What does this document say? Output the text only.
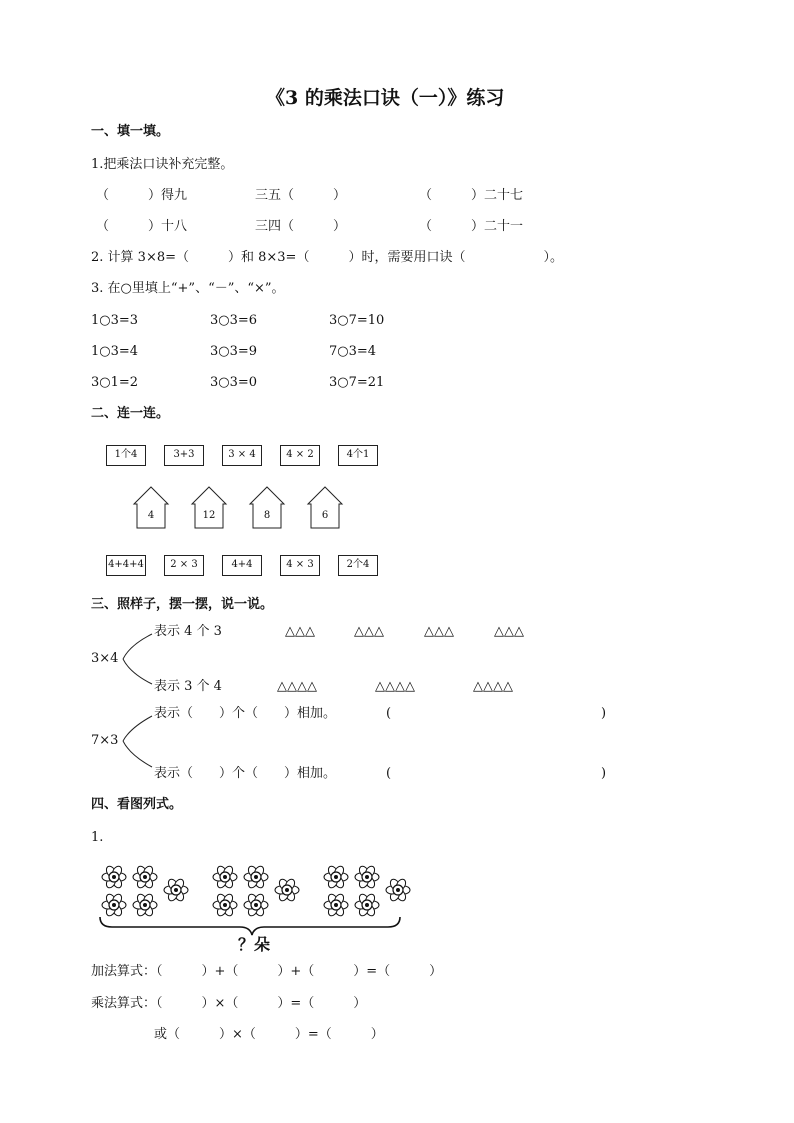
《3 的乘法口诀（一）》练习
一、填一填。
1.把乘法口诀补充完整。
（　　　）得九	三五（　　　）	（　　　）二十七
（　　　）十八	三四（　　　）	（　　　）二十一
2. 计算 3×8=（　　　）和 8×3=（　　　）时，需要用口诀（　　　　　　）。
3. 在○里填上“+”、“－”、“×”。
1○3=3	3○3=6	3○7=10
1○3=4	3○3=9	7○3=4
3○1=2	3○3=0	3○7=21
二、连一连。
1个4	3+3	3 × 4	4 × 2	4个1
4	12	8	6
4+4+4	2 × 3	4+4	4 × 3	2个4
三、照样子，摆一摆，说一说。
3×4
表示 4 个 3
表示 3 个 4
△△△	△△△	△△△	△△△
△△△△	△△△△	△△△△
7×3
表示（　　）个（　　）相加。
表示（　　）个（　　）相加。
(	)
(	)
四、看图列式。
1.
？朵
加法算式：（　　　）+（　　　）+（　　　）=（　　　）
乘法算式：（　　　）×（　　　）=（　　　）
或（　　　）×（　　　）=（　　　）
